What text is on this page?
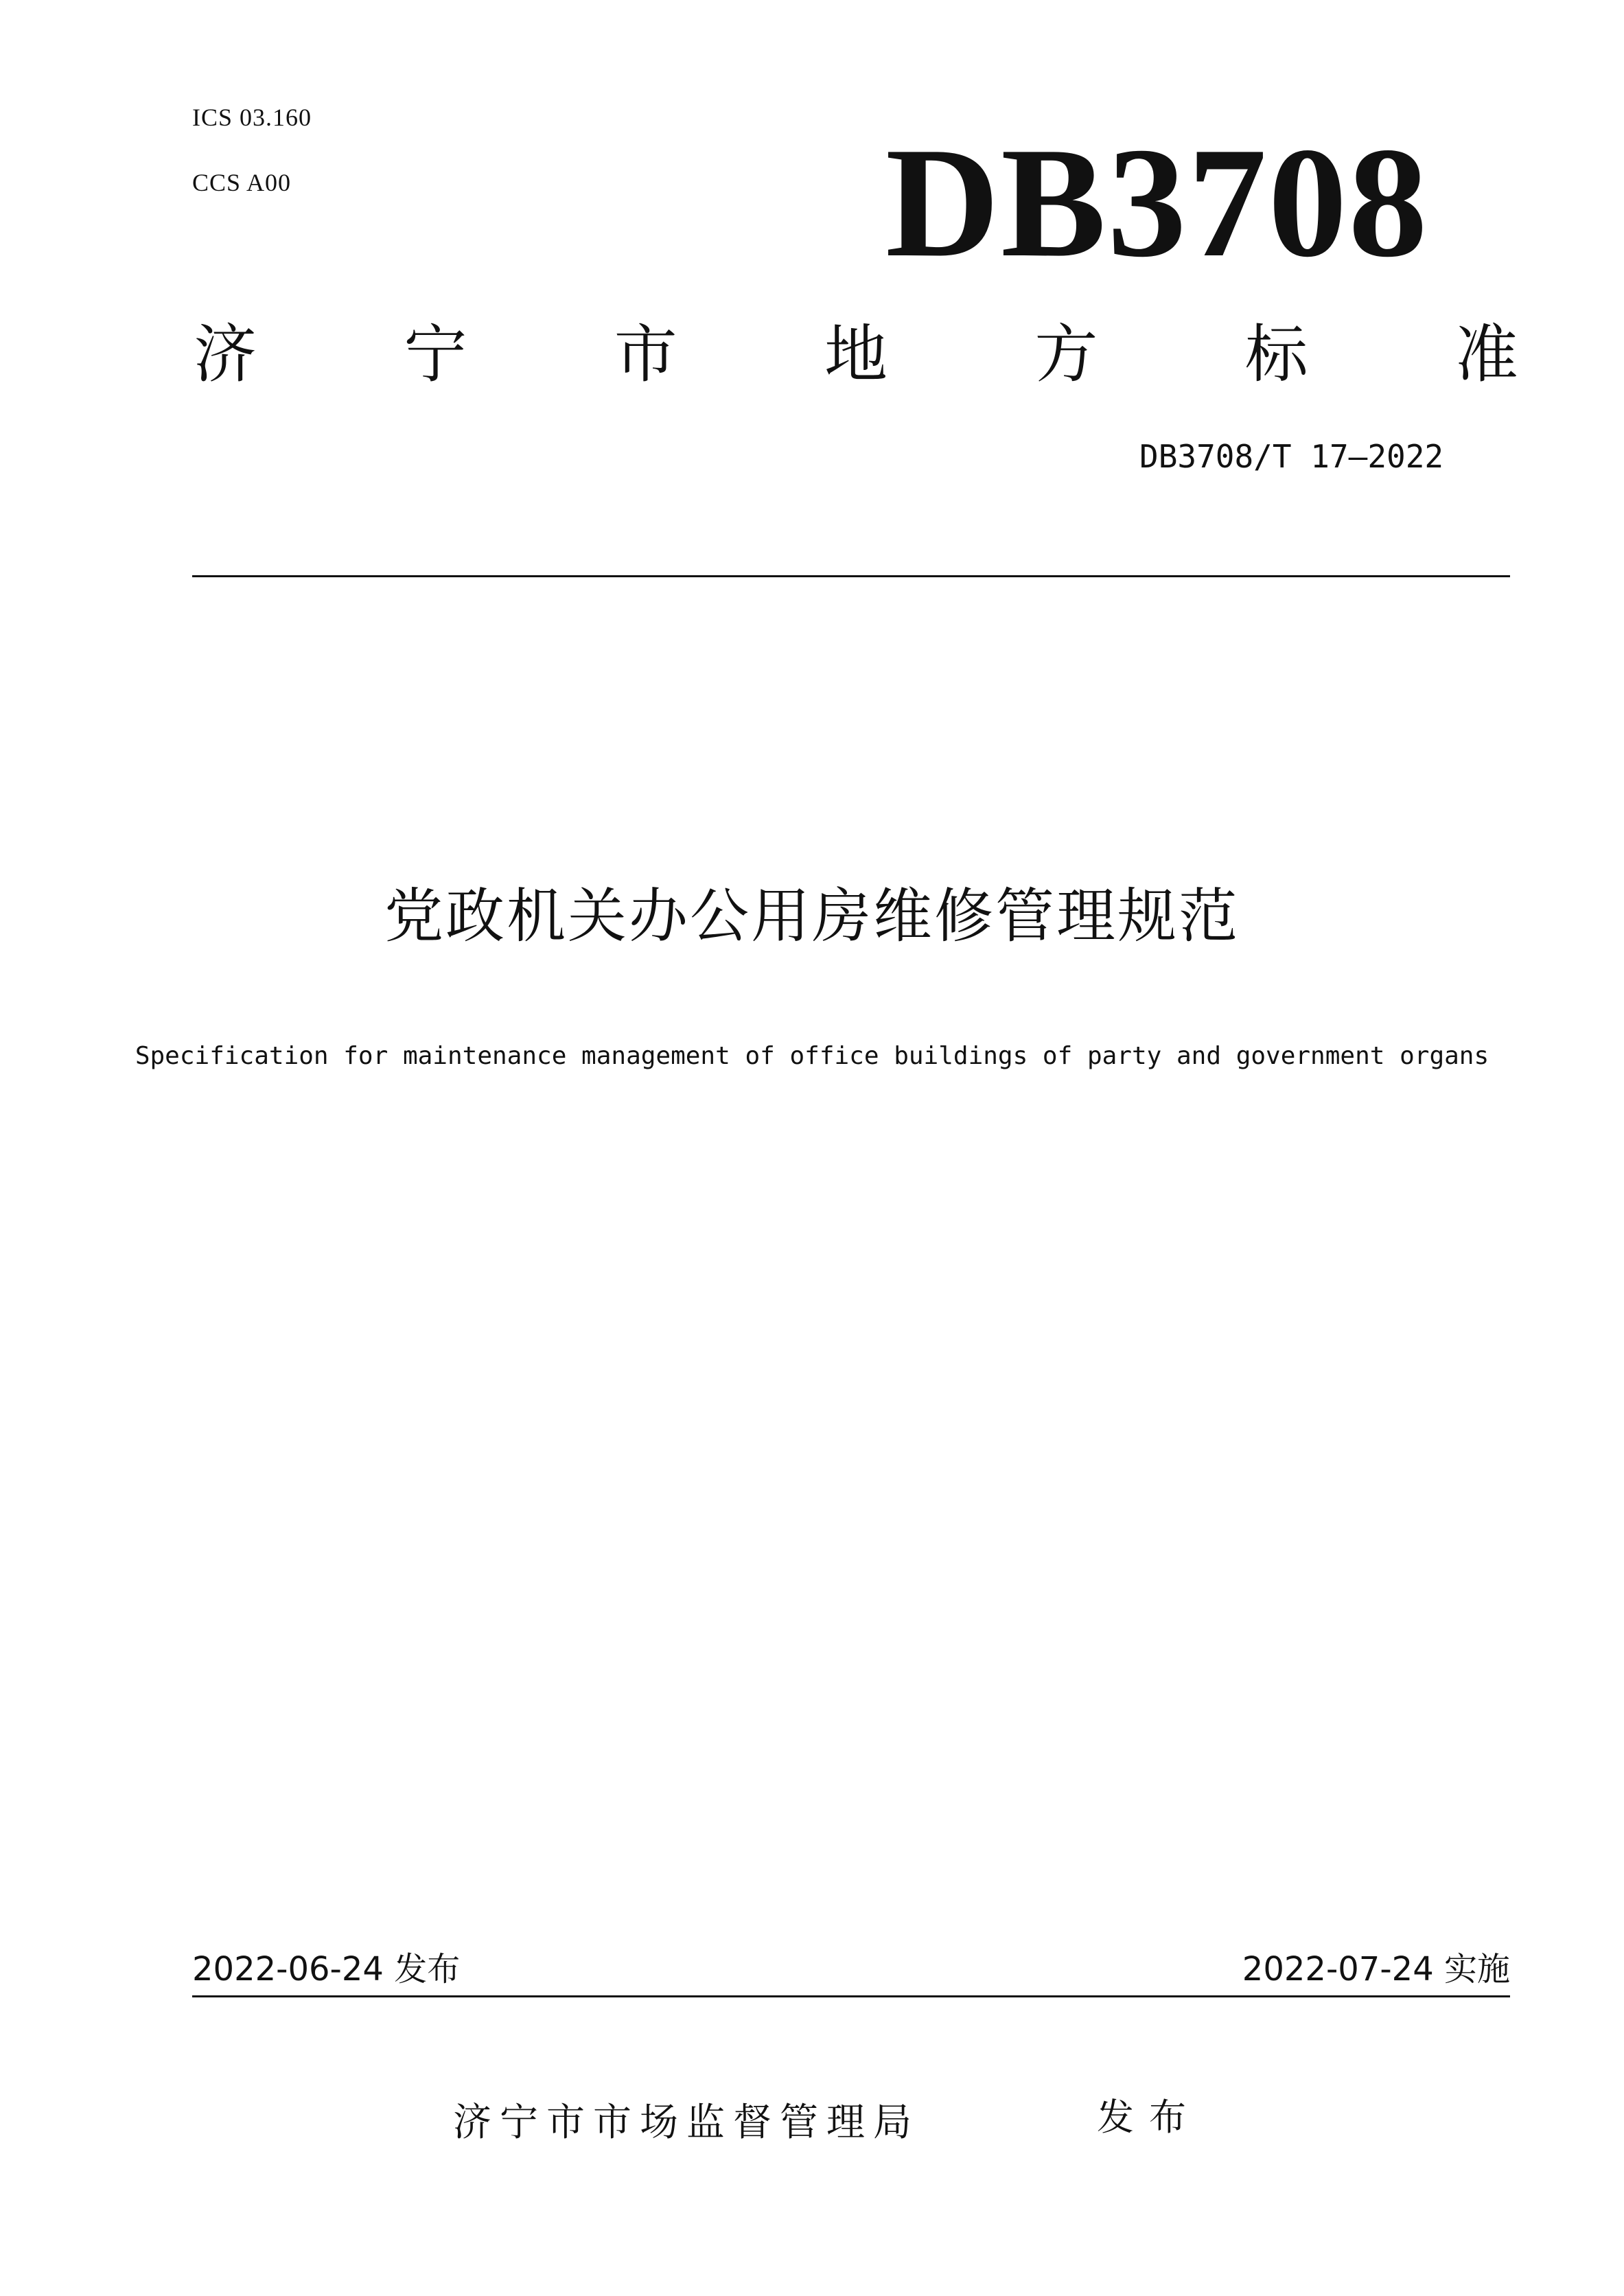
ICS 03.160
CCS A00	DB3708
济 宁 市 地 方 标 准
DB3708/T 17—2022
党政机关办公用房维修管理规范
Specification for maintenance management of office buildings of party and government organs
2022-06-24 发布	2022-07-24 实施
济宁市市场监督管理局	发布
